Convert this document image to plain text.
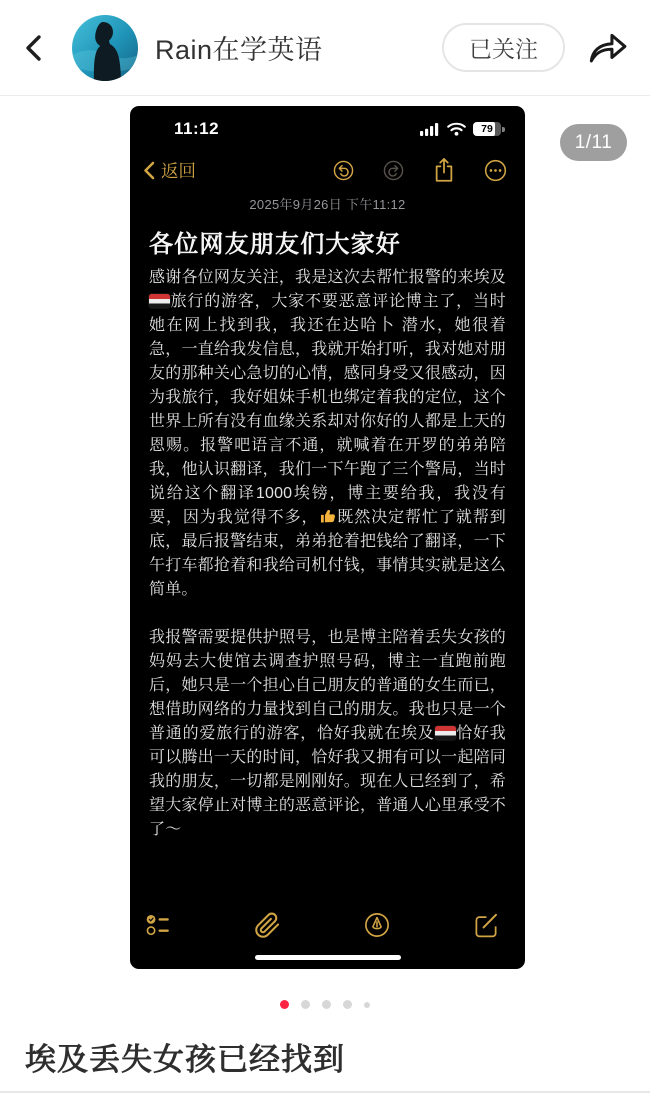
Rain在学英语	已关注
11:12	79
返回
2025年9月26日 下午11:12
各位网友朋友们大家好

感谢各位网友关注，我是这次去帮忙报警的来埃及旅行的游客，大家不要恶意评论博主了，当时她在网上找到我，我还在达哈卜 潜水，她很着急，一直给我发信息，我就开始打听，我对她对朋友的那种关心急切的心情，感同身受又很感动，因为我旅行，我好姐妹手机也绑定着我的定位，这个世界上所有没有血缘关系却对你好的人都是上天的恩赐。报警吧语言不通，就喊着在开罗的弟弟陪我，他认识翻译，我们一下午跑了三个警局，当时说给这个翻译1000埃镑，博主要给我，我没有要，因为我觉得不多， 既然决定帮忙了就帮到底，最后报警结束，弟弟抢着把钱给了翻译，一下午打车都抢着和我给司机付钱，事情其实就是这么简单。

我报警需要提供护照号，也是博主陪着丢失女孩的妈妈去大使馆去调查护照号码，博主一直跑前跑后，她只是一个担心自己朋友的普通的女生而已，想借助网络的力量找到自己的朋友。我也只是一个普通的爱旅行的游客，恰好我就在埃及 恰好我可以腾出一天的时间，恰好我又拥有可以一起陪同我的朋友，一切都是刚刚好。现在人已经到了，希望大家停止对博主的恶意评论，普通人心里承受不了～

1/11
埃及丢失女孩已经找到
